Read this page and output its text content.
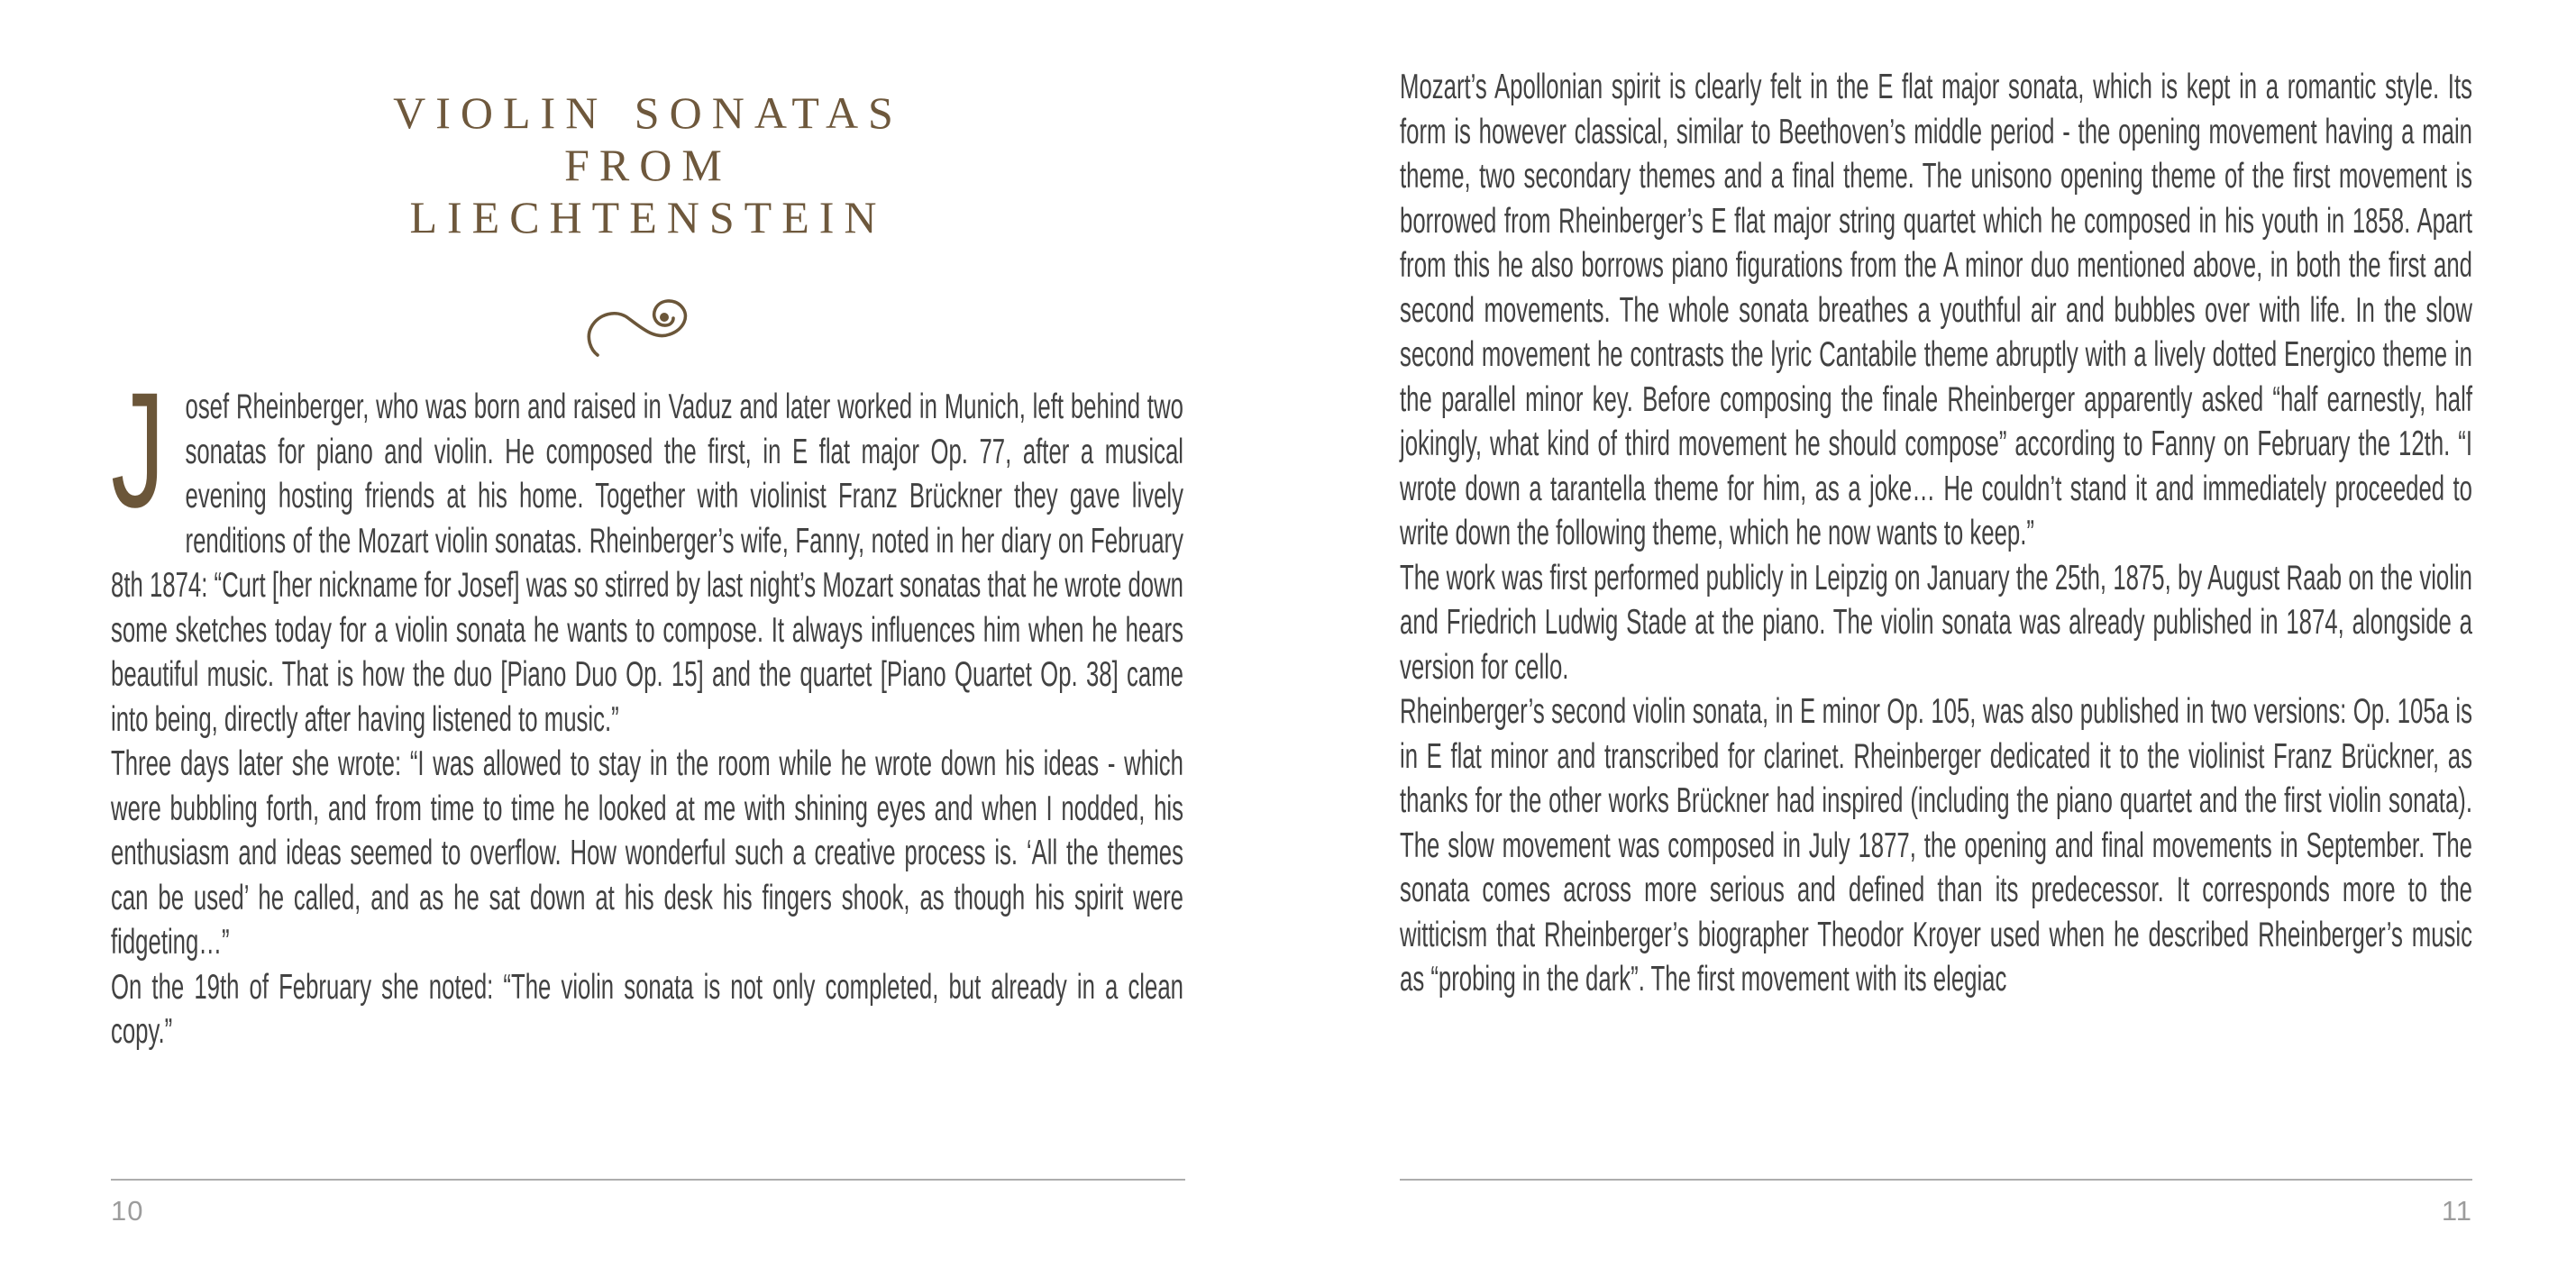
VIOLIN SONATAS
FROM
LIECHTENSTEIN

Josef Rheinberger, who was born and raised in Vaduz and later worked in Munich, left behind two sonatas for piano and violin. He composed the first, in E flat major Op. 77, after a musical evening hosting friends at his home. Together with violinist Franz Brückner they gave lively renditions of the Mozart violin sonatas. Rheinberger’s wife, Fanny, noted in her diary on February 8th 1874: “Curt [her nickname for Josef] was so stirred by last night’s Mozart sonatas that he wrote down some sketches today for a violin sonata he wants to compose. It always influences him when he hears beautiful music. That is how the duo [Piano Duo Op. 15] and the quartet [Piano Quartet Op. 38] came into being, directly after having listened to music.”

Three days later she wrote: “I was allowed to stay in the room while he wrote down his ideas - which were bubbling forth, and from time to time he looked at me with shining eyes and when I nodded, his enthusiasm and ideas seemed to overflow. How wonderful such a creative process is. ‘All the themes can be used’ he called, and as he sat down at his desk his fingers shook, as though his spirit were fidgeting…”

On the 19th of February she noted: “The violin sonata is not only completed, but already in a clean copy.”

10

Mozart’s Apollonian spirit is clearly felt in the E flat major sonata, which is kept in a romantic style. Its form is however classical, similar to Beethoven’s middle period - the opening movement having a main theme, two secondary themes and a final theme. The unisono opening theme of the first movement is borrowed from Rheinberger’s E flat major string quartet which he composed in his youth in 1858. Apart from this he also borrows piano figurations from the A minor duo mentioned above, in both the first and second movements. The whole sonata breathes a youthful air and bubbles over with life. In the slow second movement he contrasts the lyric Cantabile theme abruptly with a lively dotted Energico theme in the parallel minor key. Before composing the finale Rheinberger apparently asked “half earnestly, half jokingly, what kind of third movement he should compose” according to Fanny on February the 12th. “I wrote down a tarantella theme for him, as a joke… He couldn’t stand it and immediately proceeded to write down the following theme, which he now wants to keep.”

The work was first performed publicly in Leipzig on January the 25th, 1875, by August Raab on the violin and Friedrich Ludwig Stade at the piano. The violin sonata was already published in 1874, alongside a version for cello.

Rheinberger’s second violin sonata, in E minor Op. 105, was also published in two versions: Op. 105a is in E flat minor and transcribed for clarinet. Rheinberger dedicated it to the violinist Franz Brückner, as thanks for the other works Brückner had inspired (including the piano quartet and the first violin sonata). The slow movement was composed in July 1877, the opening and final movements in September. The sonata comes across more serious and defined than its predecessor. It corresponds more to the witticism that Rheinberger’s biographer Theodor Kroyer used when he described Rheinberger’s music as “probing in the dark”. The first movement with its elegiac

11
